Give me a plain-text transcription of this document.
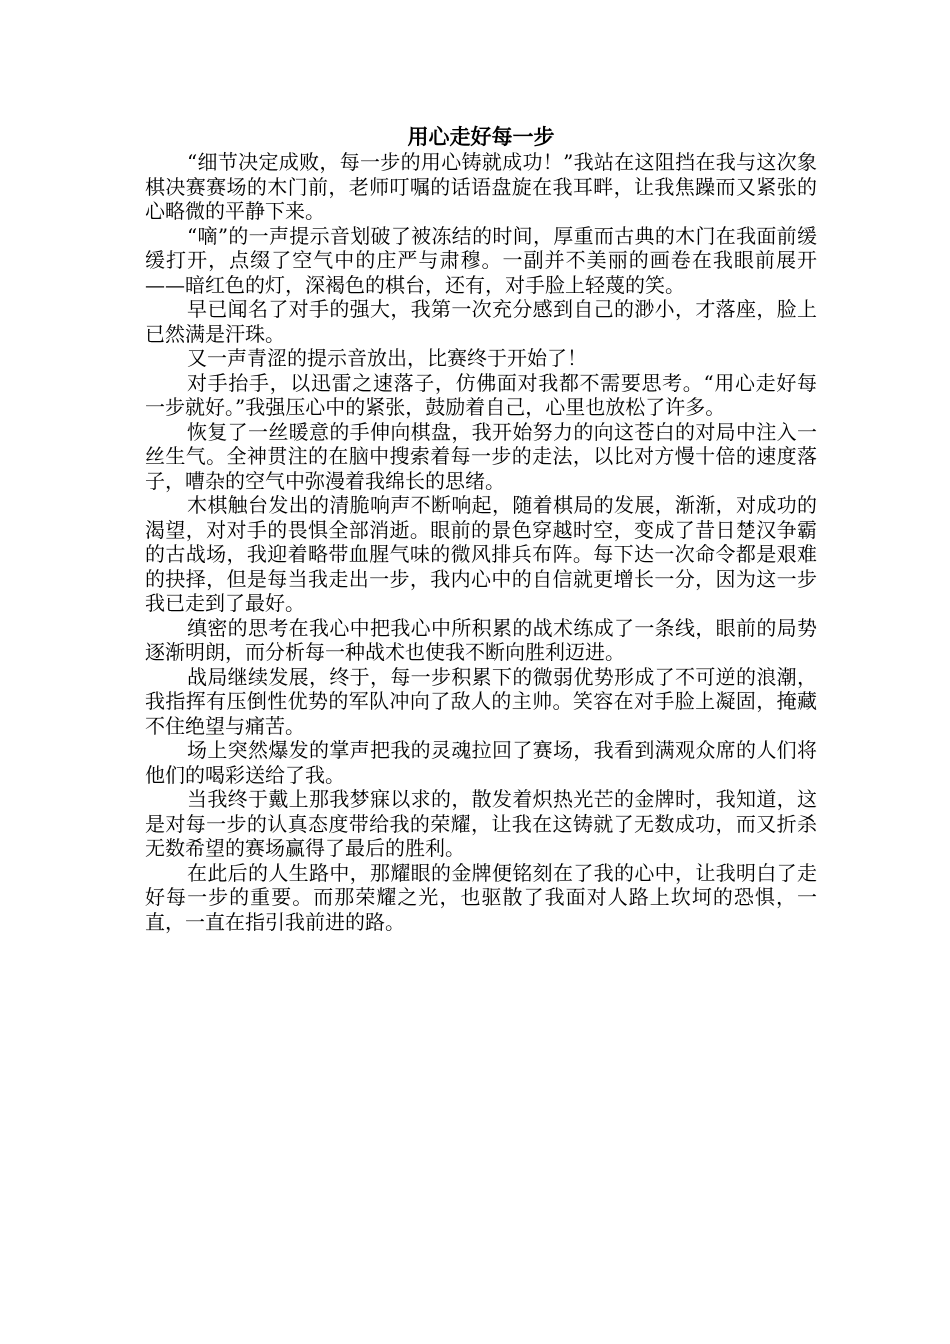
用心走好每一步

“细节决定成败，每一步的用心铸就成功！”我站在这阻挡在我与这次象棋决赛赛场的木门前，老师叮嘱的话语盘旋在我耳畔，让我焦躁而又紧张的心略微的平静下来。

“嘀”的一声提示音划破了被冻结的时间，厚重而古典的木门在我面前缓缓打开，点缀了空气中的庄严与肃穆。一副并不美丽的画卷在我眼前展开——暗红色的灯，深褐色的棋台，还有，对手脸上轻蔑的笑。

早已闻名了对手的强大，我第一次充分感到自己的渺小，才落座，脸上已然满是汗珠。

又一声青涩的提示音放出，比赛终于开始了！

对手抬手，以迅雷之速落子，仿佛面对我都不需要思考。“用心走好每一步就好。”我强压心中的紧张，鼓励着自己，心里也放松了许多。

恢复了一丝暖意的手伸向棋盘，我开始努力的向这苍白的对局中注入一丝生气。全神贯注的在脑中搜索着每一步的走法，以比对方慢十倍的速度落子，嘈杂的空气中弥漫着我绵长的思绪。

木棋触台发出的清脆响声不断响起，随着棋局的发展，渐渐，对成功的渴望，对对手的畏惧全部消逝。眼前的景色穿越时空，变成了昔日楚汉争霸的古战场，我迎着略带血腥气味的微风排兵布阵。每下达一次命令都是艰难的抉择，但是每当我走出一步，我内心中的自信就更增长一分，因为这一步我已走到了最好。

缜密的思考在我心中把我心中所积累的战术练成了一条线，眼前的局势逐渐明朗，而分析每一种战术也使我不断向胜利迈进。

战局继续发展，终于，每一步积累下的微弱优势形成了不可逆的浪潮，我指挥有压倒性优势的军队冲向了敌人的主帅。笑容在对手脸上凝固，掩藏不住绝望与痛苦。

场上突然爆发的掌声把我的灵魂拉回了赛场，我看到满观众席的人们将他们的喝彩送给了我。

当我终于戴上那我梦寐以求的，散发着炽热光芒的金牌时，我知道，这是对每一步的认真态度带给我的荣耀，让我在这铸就了无数成功，而又折杀无数希望的赛场赢得了最后的胜利。

在此后的人生路中，那耀眼的金牌便铭刻在了我的心中，让我明白了走好每一步的重要。而那荣耀之光，也驱散了我面对人路上坎坷的恐惧，一直，一直在指引我前进的路。
